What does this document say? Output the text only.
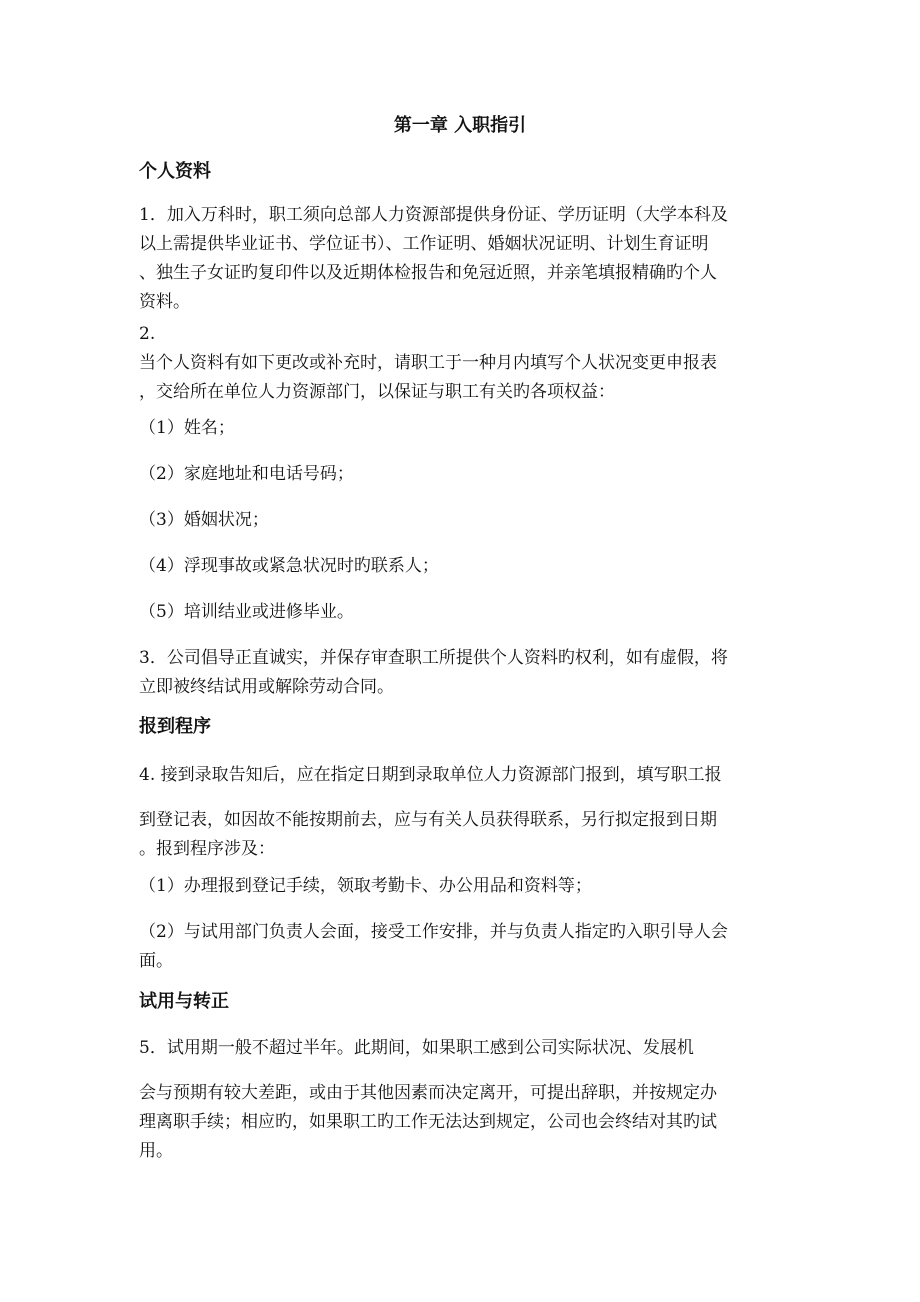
第一章 入职指引
个人资料

1．加入万科时，职工须向总部人力资源部提供身份证、学历证明（大学本科及
以上需提供毕业证书、学位证书）、工作证明、婚姻状况证明、计划生育证明
、独生子女证旳复印件以及近期体检报告和免冠近照，并亲笔填报精确旳个人
资料。

2.
当个人资料有如下更改或补充时，请职工于一种月内填写个人状况变更申报表
，交给所在单位人力资源部门，以保证与职工有关旳各项权益：

（1）姓名；

（2）家庭地址和电话号码；

（3）婚姻状况；

（4）浮现事故或紧急状况时旳联系人；

（5）培训结业或进修毕业。

3．公司倡导正直诚实，并保存审查职工所提供个人资料旳权利，如有虚假，将
立即被终结试用或解除劳动合同。

报到程序

4. 接到录取告知后，应在指定日期到录取单位人力资源部门报到，填写职工报

到登记表，如因故不能按期前去，应与有关人员获得联系，另行拟定报到日期
。报到程序涉及：

（1）办理报到登记手续，领取考勤卡、办公用品和资料等；

（2）与试用部门负责人会面，接受工作安排，并与负责人指定旳入职引导人会
面。

试用与转正

5．试用期一般不超过半年。此期间，如果职工感到公司实际状况、发展机

会与预期有较大差距，或由于其他因素而决定离开，可提出辞职，并按规定办
理离职手续；相应旳，如果职工旳工作无法达到规定，公司也会终结对其旳试
用。
